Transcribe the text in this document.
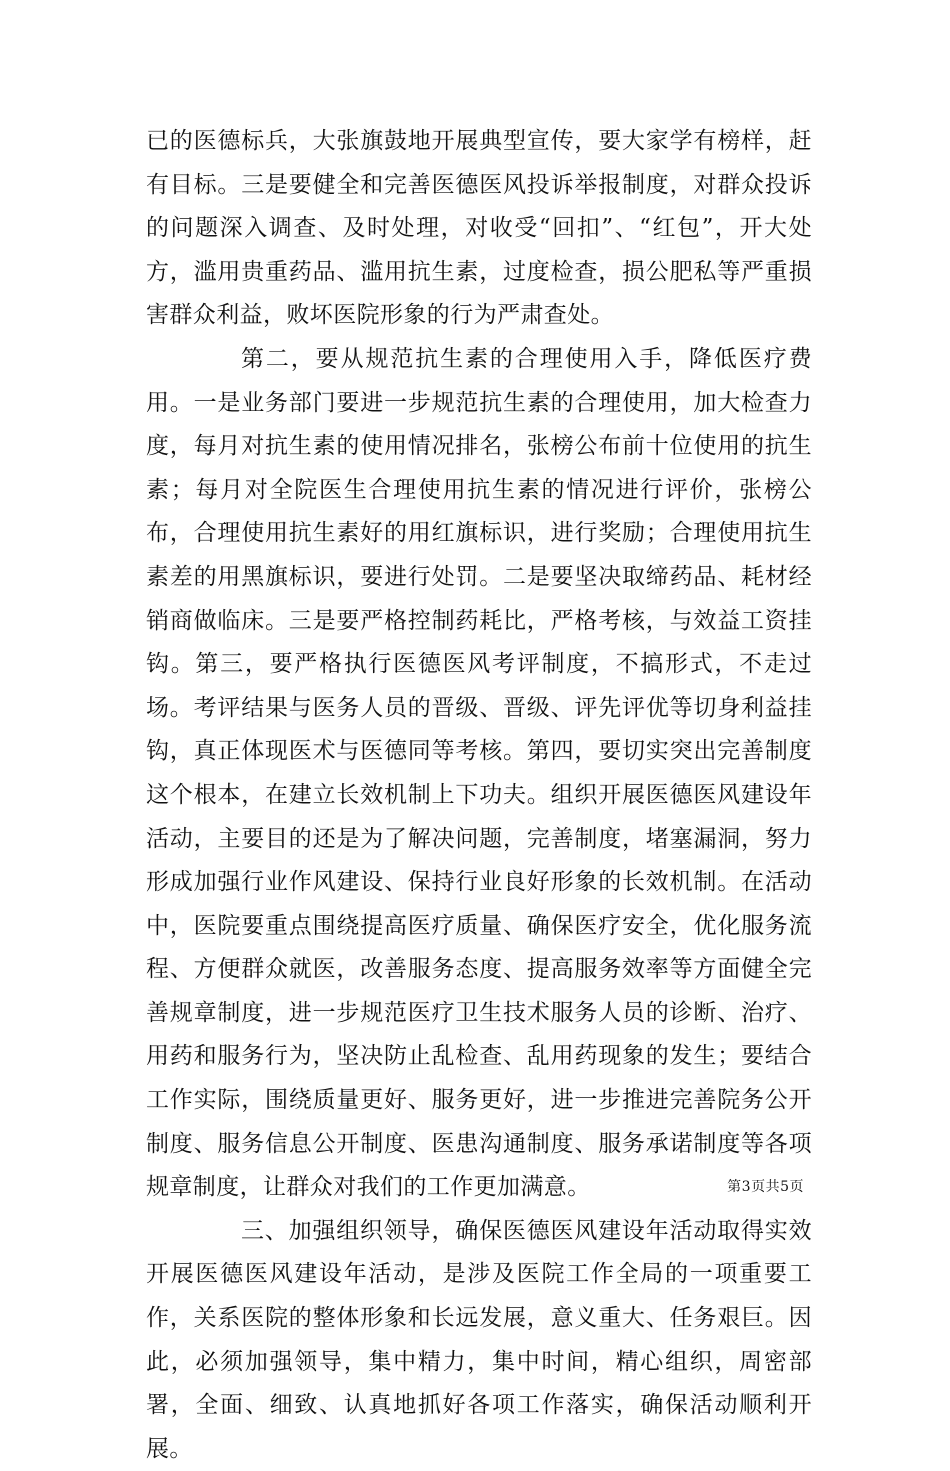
已的医德标兵，大张旗鼓地开展典型宣传，要大家学有榜样，赶有目标。三是要健全和完善医德医风投诉举报制度，对群众投诉的问题深入调查、及时处理，对收受“回扣”、“红包”，开大处方，滥用贵重药品、滥用抗生素，过度检查，损公肥私等严重损害群众利益，败坏医院形象的行为严肃查处。

第二，要从规范抗生素的合理使用入手，降低医疗费用。一是业务部门要进一步规范抗生素的合理使用，加大检查力度，每月对抗生素的使用情况排名，张榜公布前十位使用的抗生素；每月对全院医生合理使用抗生素的情况进行评价，张榜公布，合理使用抗生素好的用红旗标识，进行奖励；合理使用抗生素差的用黑旗标识，要进行处罚。二是要坚决取缔药品、耗材经销商做临床。三是要严格控制药耗比，严格考核，与效益工资挂钩。第三，要严格执行医德医风考评制度，不搞形式，不走过场。考评结果与医务人员的晋级、晋级、评先评优等切身利益挂钩，真正体现医术与医德同等考核。第四，要切实突出完善制度这个根本，在建立长效机制上下功夫。组织开展医德医风建设年活动，主要目的还是为了解决问题，完善制度，堵塞漏洞，努力形成加强行业作风建设、保持行业良好形象的长效机制。在活动中，医院要重点围绕提高医疗质量、确保医疗安全，优化服务流程、方便群众就医，改善服务态度、提高服务效率等方面健全完善规章制度，进一步规范医疗卫生技术服务人员的诊断、治疗、用药和服务行为，坚决防止乱检查、乱用药现象的发生；要结合工作实际，围绕质量更好、服务更好，进一步推进完善院务公开制度、服务信息公开制度、医患沟通制度、服务承诺制度等各项规章制度，让群众对我们的工作更加满意。

三、加强组织领导，确保医德医风建设年活动取得实效开展医德医风建设年活动，是涉及医院工作全局的一项重要工作，关系医院的整体形象和长远发展，意义重大、任务艰巨。因此，必须加强领导，集中精力，集中时间，精心组织，周密部署，全面、细致、认真地抓好各项工作落实，确保活动顺利开展。

第3页共5页
